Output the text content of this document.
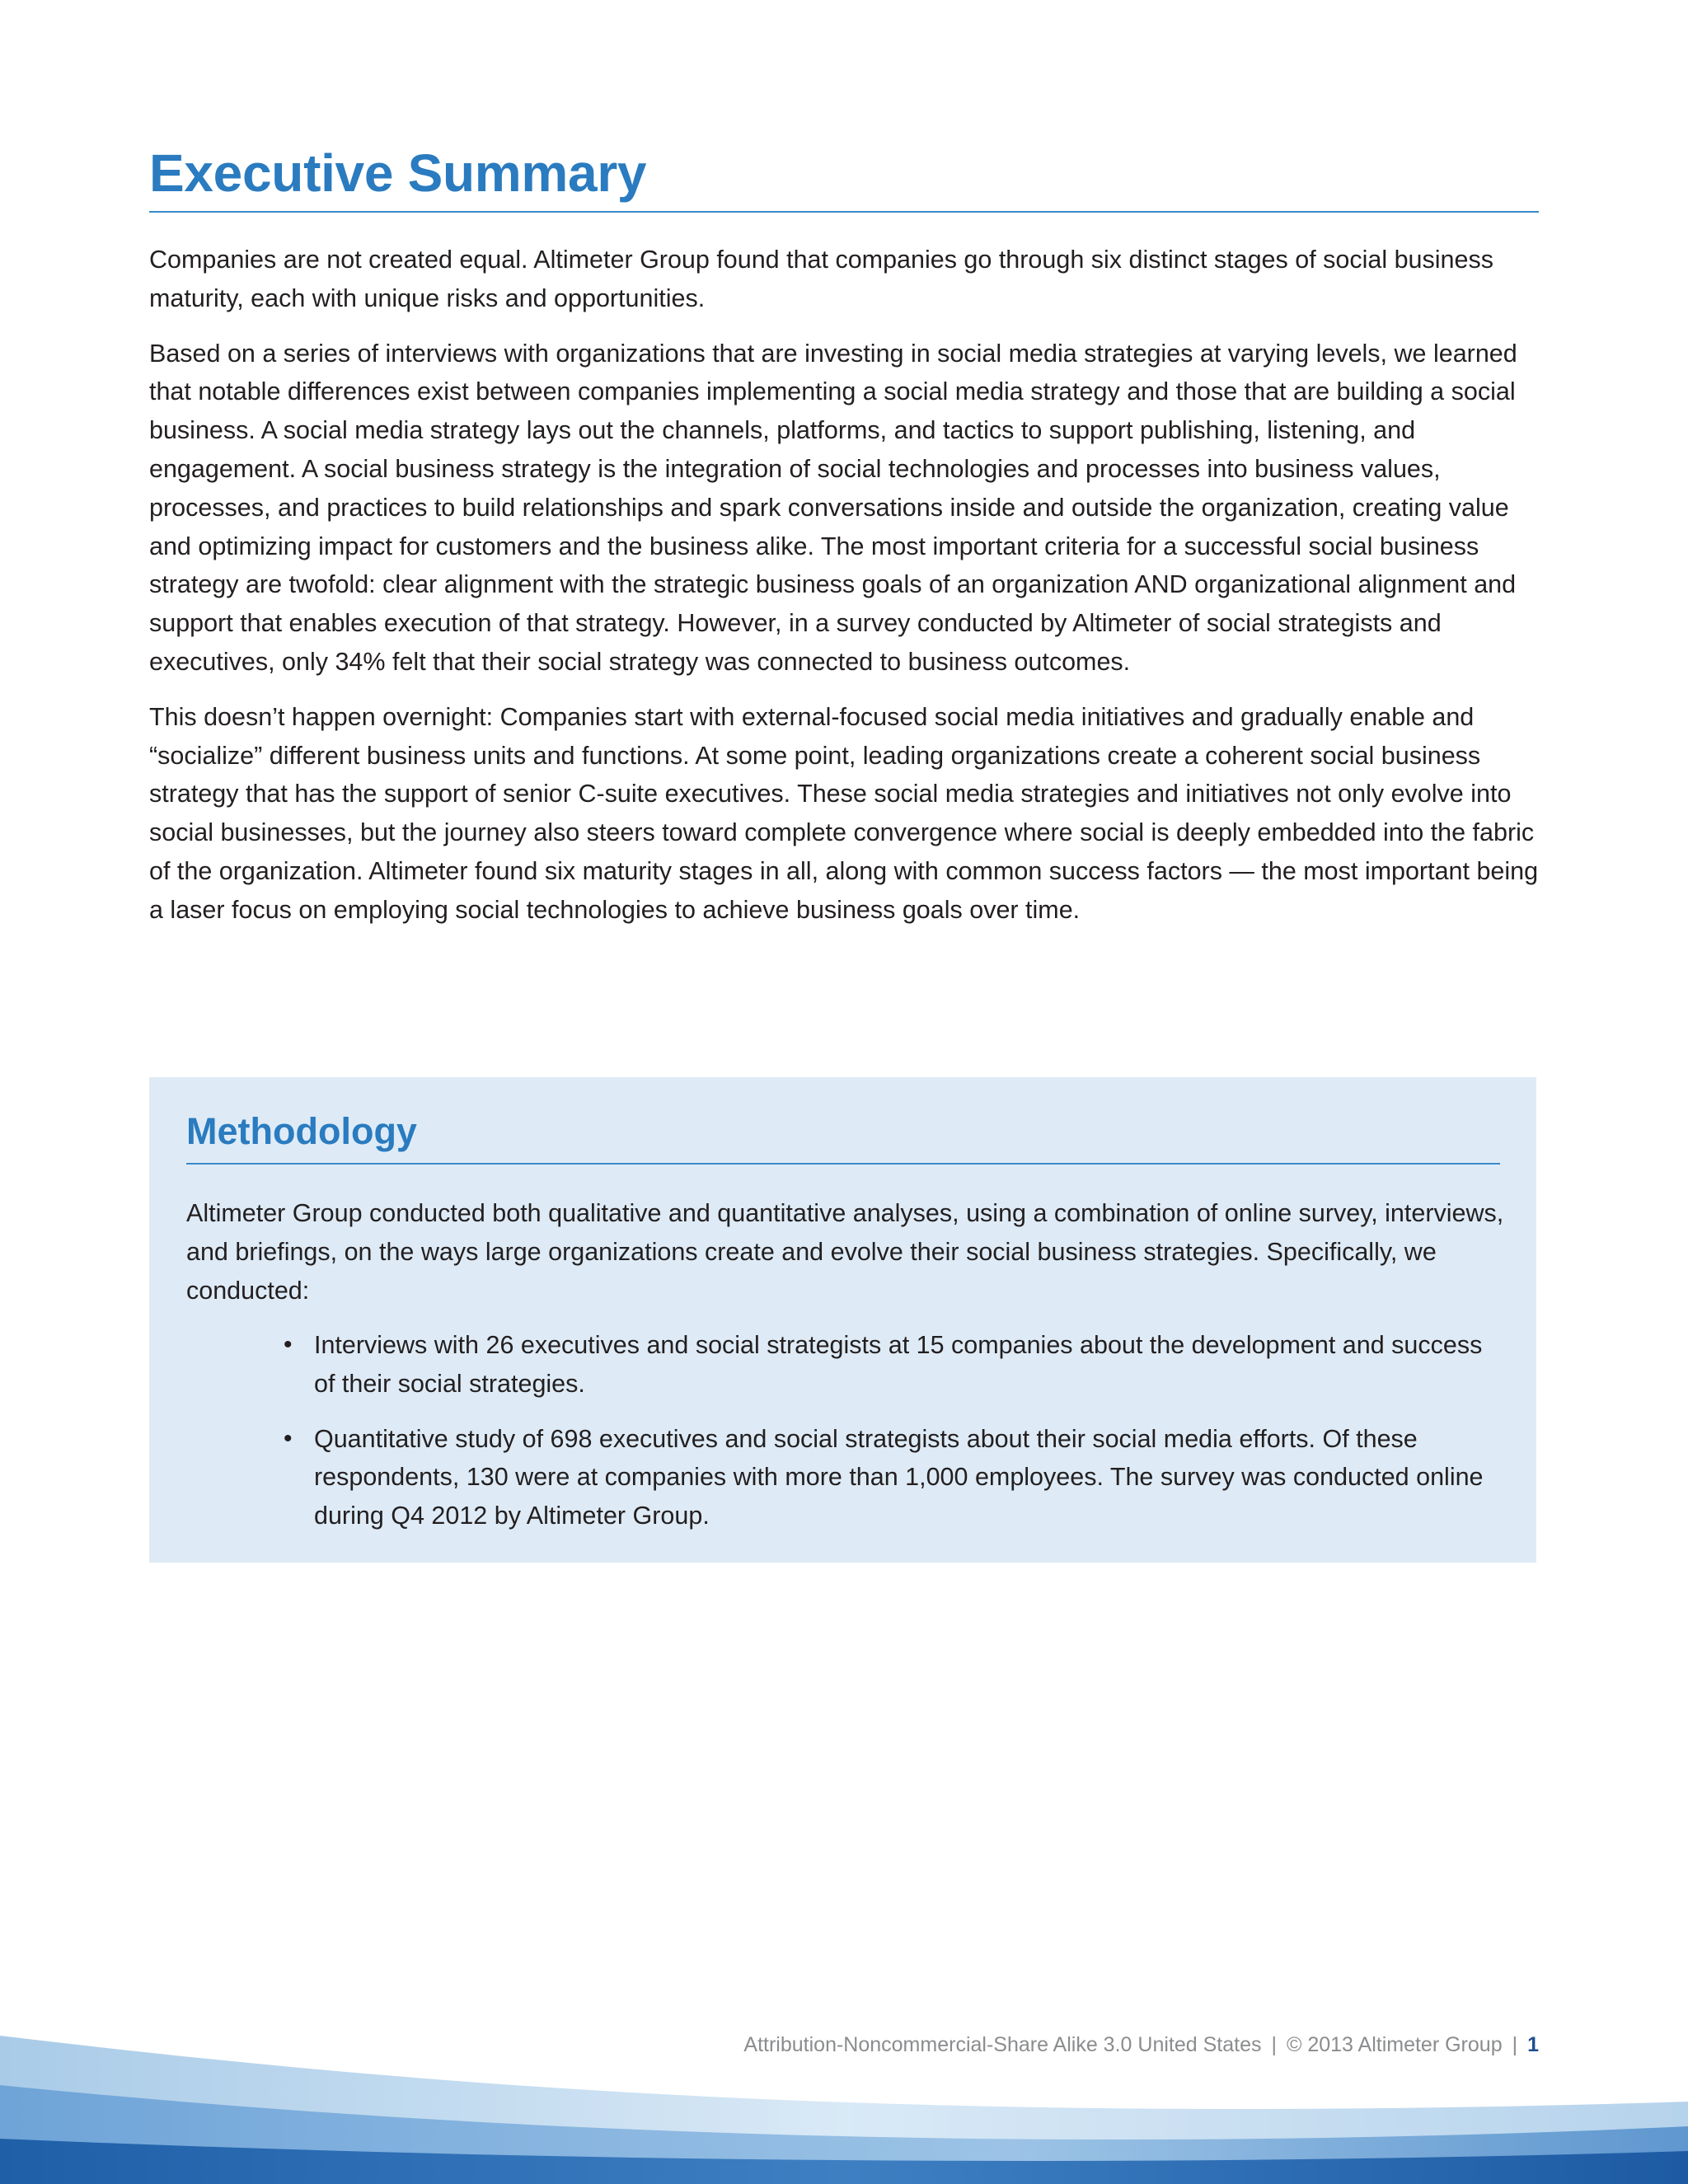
Executive Summary

Companies are not created equal. Altimeter Group found that companies go through six distinct stages of social business maturity, each with unique risks and opportunities.

Based on a series of interviews with organizations that are investing in social media strategies at varying levels, we learned that notable differences exist between companies implementing a social media strategy and those that are building a social business. A social media strategy lays out the channels, platforms, and tactics to support publishing, listening, and engagement. A social business strategy is the integration of social technologies and processes into business values, processes, and practices to build relationships and spark conversations inside and outside the organization, creating value and optimizing impact for customers and the business alike. The most important criteria for a successful social business strategy are twofold: clear alignment with the strategic business goals of an organization AND organizational alignment and support that enables execution of that strategy. However, in a survey conducted by Altimeter of social strategists and executives, only 34% felt that their social strategy was connected to business outcomes.

This doesn’t happen overnight: Companies start with external-focused social media initiatives and gradually enable and “socialize” different business units and functions. At some point, leading organizations create a coherent social business strategy that has the support of senior C-suite executives. These social media strategies and initiatives not only evolve into social businesses, but the journey also steers toward complete convergence where social is deeply embedded into the fabric of the organization. Altimeter found six maturity stages in all, along with common success factors — the most important being a laser focus on employing social technologies to achieve business goals over time.

Methodology

Altimeter Group conducted both qualitative and quantitative analyses, using a combination of online survey, interviews, and briefings, on the ways large organizations create and evolve their social business strategies. Specifically, we conducted:

• Interviews with 26 executives and social strategists at 15 companies about the development and success of their social strategies.
• Quantitative study of 698 executives and social strategists about their social media efforts. Of these respondents, 130 were at companies with more than 1,000 employees. The survey was conducted online during Q4 2012 by Altimeter Group.
Attribution-Noncommercial-Share Alike 3.0 United States | © 2013 Altimeter Group | 1
